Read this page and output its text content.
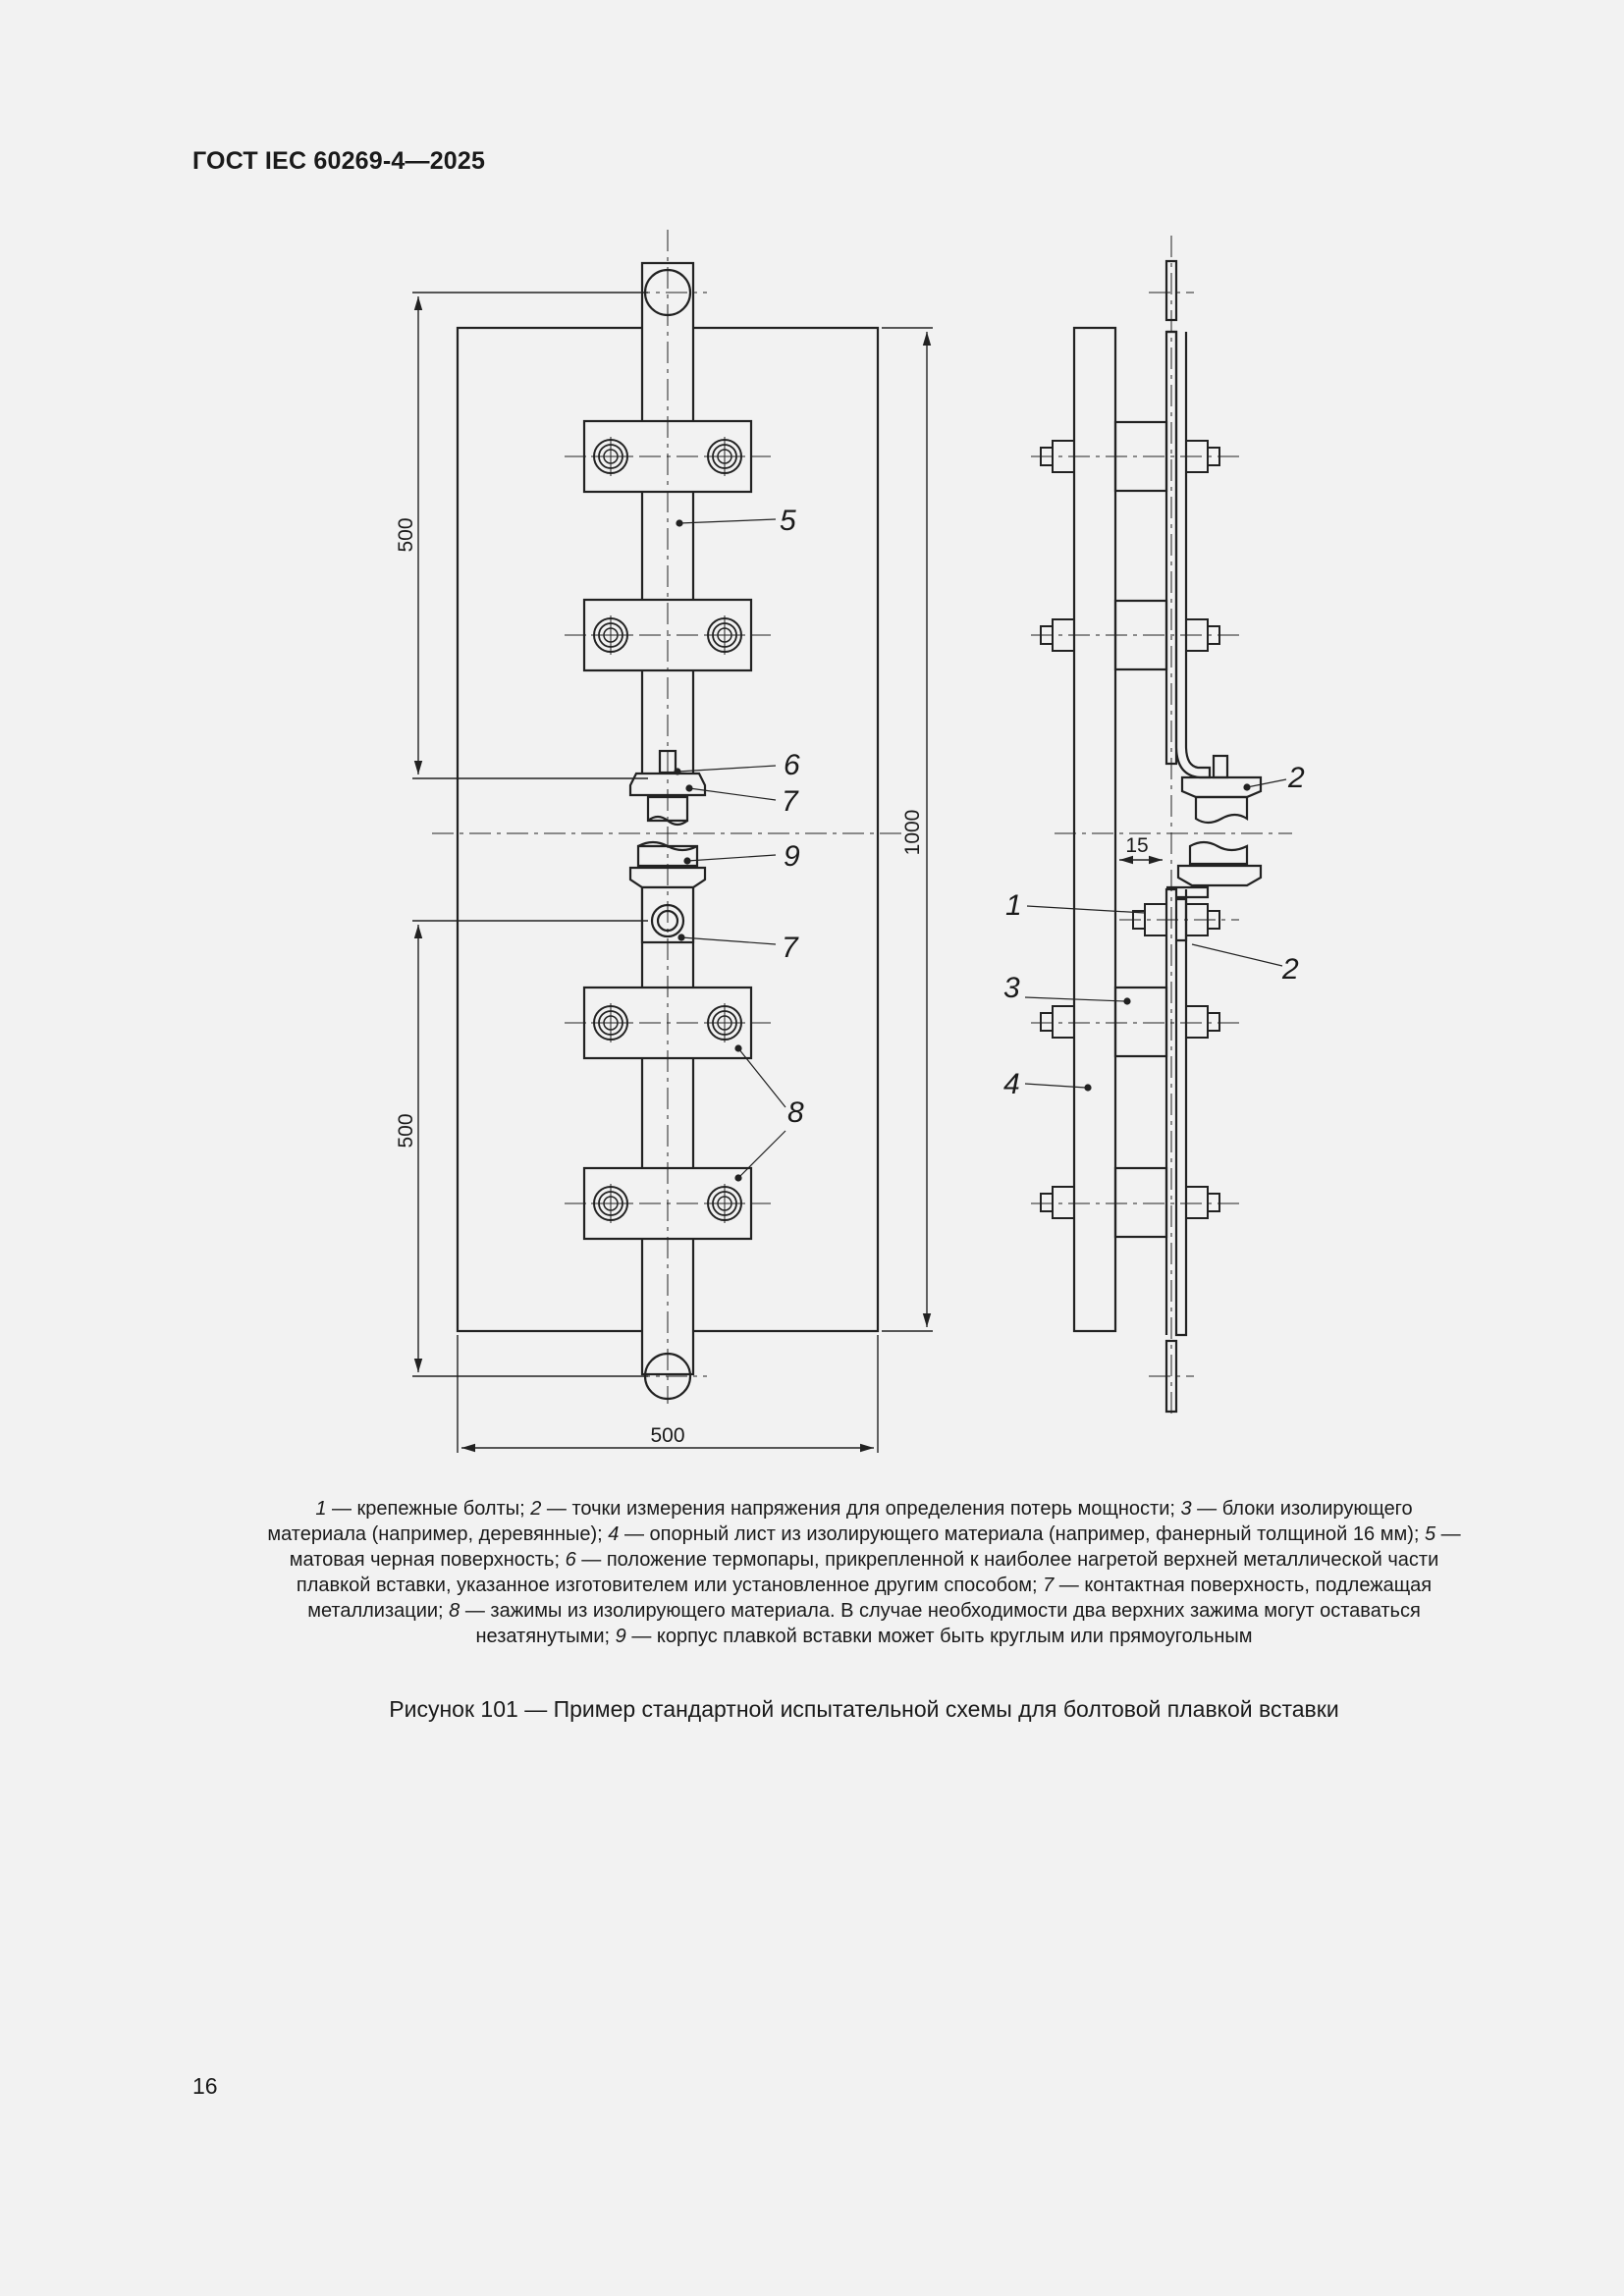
ГОСТ IEC 60269-4—2025
500
500
1000
500
5
6
7
9
7
8
15
2
1
2
3
4
1 — крепежные болты; 2 — точки измерения напряжения для определения потерь мощности; 3 — блоки изолирующего материала (например, деревянные); 4 — опорный лист из изолирующего материала (например, фанерный толщиной 16 мм); 5 — матовая черная поверхность; 6 — положение термопары, прикрепленной к наиболее нагретой верхней металлической части плавкой вставки, указанное изготовителем или установленное другим способом; 7 — контактная поверхность, подлежащая металлизации; 8 — зажимы из изолирующего материала. В случае необходимости два верхних зажима могут оставаться незатянутыми; 9 — корпус плавкой вставки может быть круглым или прямоугольным
Рисунок 101 — Пример стандартной испытательной схемы для болтовой плавкой вставки
16
